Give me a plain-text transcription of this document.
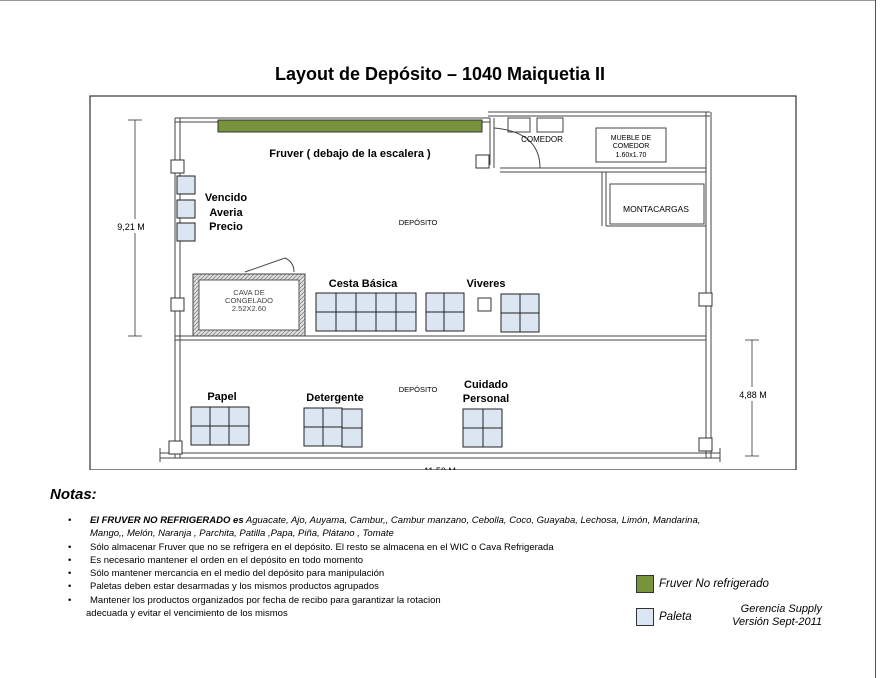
Layout de Depósito – 1040 Maiquetia II
Fruver ( debajo de la escalera )
COMEDOR	MUEBLE DE
COMEDOR
1.60x1.70
MONTACARGAS
DEPÓSITO
DEPÓSITO
CAVA DE
CONGELADO
2.52X2.60
Vencido
Averia
Precio
Cesta Básica	Viveres
Papel	Detergente
Cuidado
Personal
9,21 M
4,88 M
Notas:
• EI FRUVER NO REFRIGERADO es Aguacate, Ajo, Auyama, Cambur,, Cambur manzano, Cebolla, Coco, Guayaba, Lechosa, Limón, Mandarina,
Mango,, Melón, Naranja , Parchita, Patilla ,Papa, Piña, Plátano , Tomate
• Sólo almacenar Fruver que no se refrigera en el depósito. El resto se almacena en el WIC o Cava Refrigerada
• Es necesario mantener el orden en el depósito en todo momento
• Sólo mantener mercancia en el medio del depósito para manipulación
• Paletas deben estar desarmadas y los mismos productos agrupados
• Mantener los productos organizados por fecha de recibo para garantizar la rotacion
adecuada y evitar el vencimiento de los mismos
Fruver No refrigerado
Paleta
Gerencia Supply
Versión Sept-2011
